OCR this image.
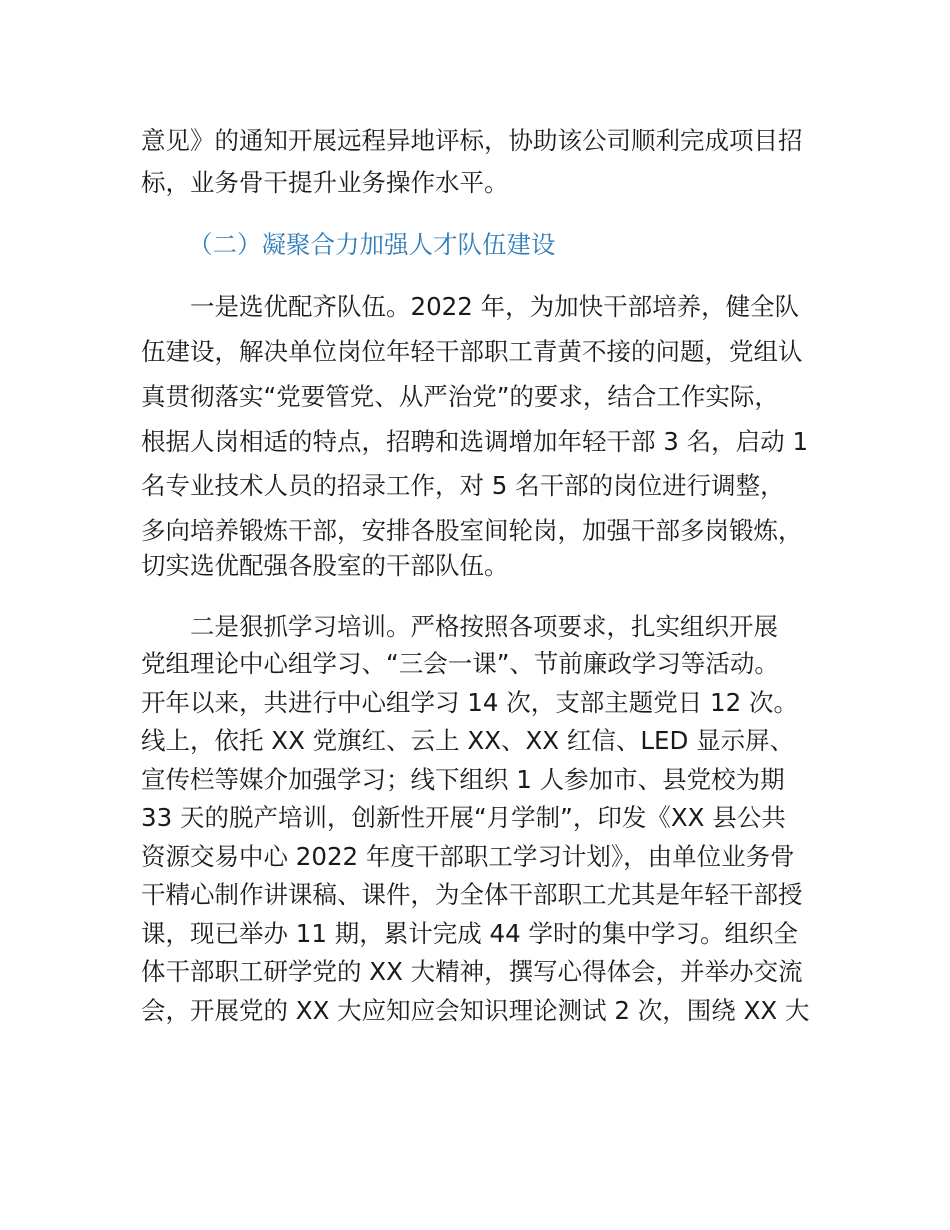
意见》的通知开展远程异地评标，协助该公司顺利完成项目招
标，业务骨干提升业务操作水平。
（二）凝聚合力加强人才队伍建设
　　一是选优配齐队伍。2022 年，为加快干部培养，健全队
伍建设，解决单位岗位年轻干部职工青黄不接的问题，党组认
真贯彻落实“党要管党、从严治党”的要求，结合工作实际，
根据人岗相适的特点，招聘和选调增加年轻干部 3 名，启动 1
名专业技术人员的招录工作，对 5 名干部的岗位进行调整，
多向培养锻炼干部，安排各股室间轮岗，加强干部多岗锻炼，
切实选优配强各股室的干部队伍。
　　二是狠抓学习培训。严格按照各项要求，扎实组织开展
党组理论中心组学习、“三会一课”、节前廉政学习等活动。
开年以来，共进行中心组学习 14 次，支部主题党日 12 次。
线上，依托 XX 党旗红、云上 XX、XX 红信、LED 显示屏、
宣传栏等媒介加强学习；线下组织 1 人参加市、县党校为期
33 天的脱产培训，创新性开展“月学制”，印发《XX 县公共
资源交易中心 2022 年度干部职工学习计划》，由单位业务骨
干精心制作讲课稿、课件，为全体干部职工尤其是年轻干部授
课，现已举办 11 期，累计完成 44 学时的集中学习。组织全
体干部职工研学党的 XX 大精神，撰写心得体会，并举办交流
会，开展党的 XX 大应知应会知识理论测试 2 次，围绕 XX 大
